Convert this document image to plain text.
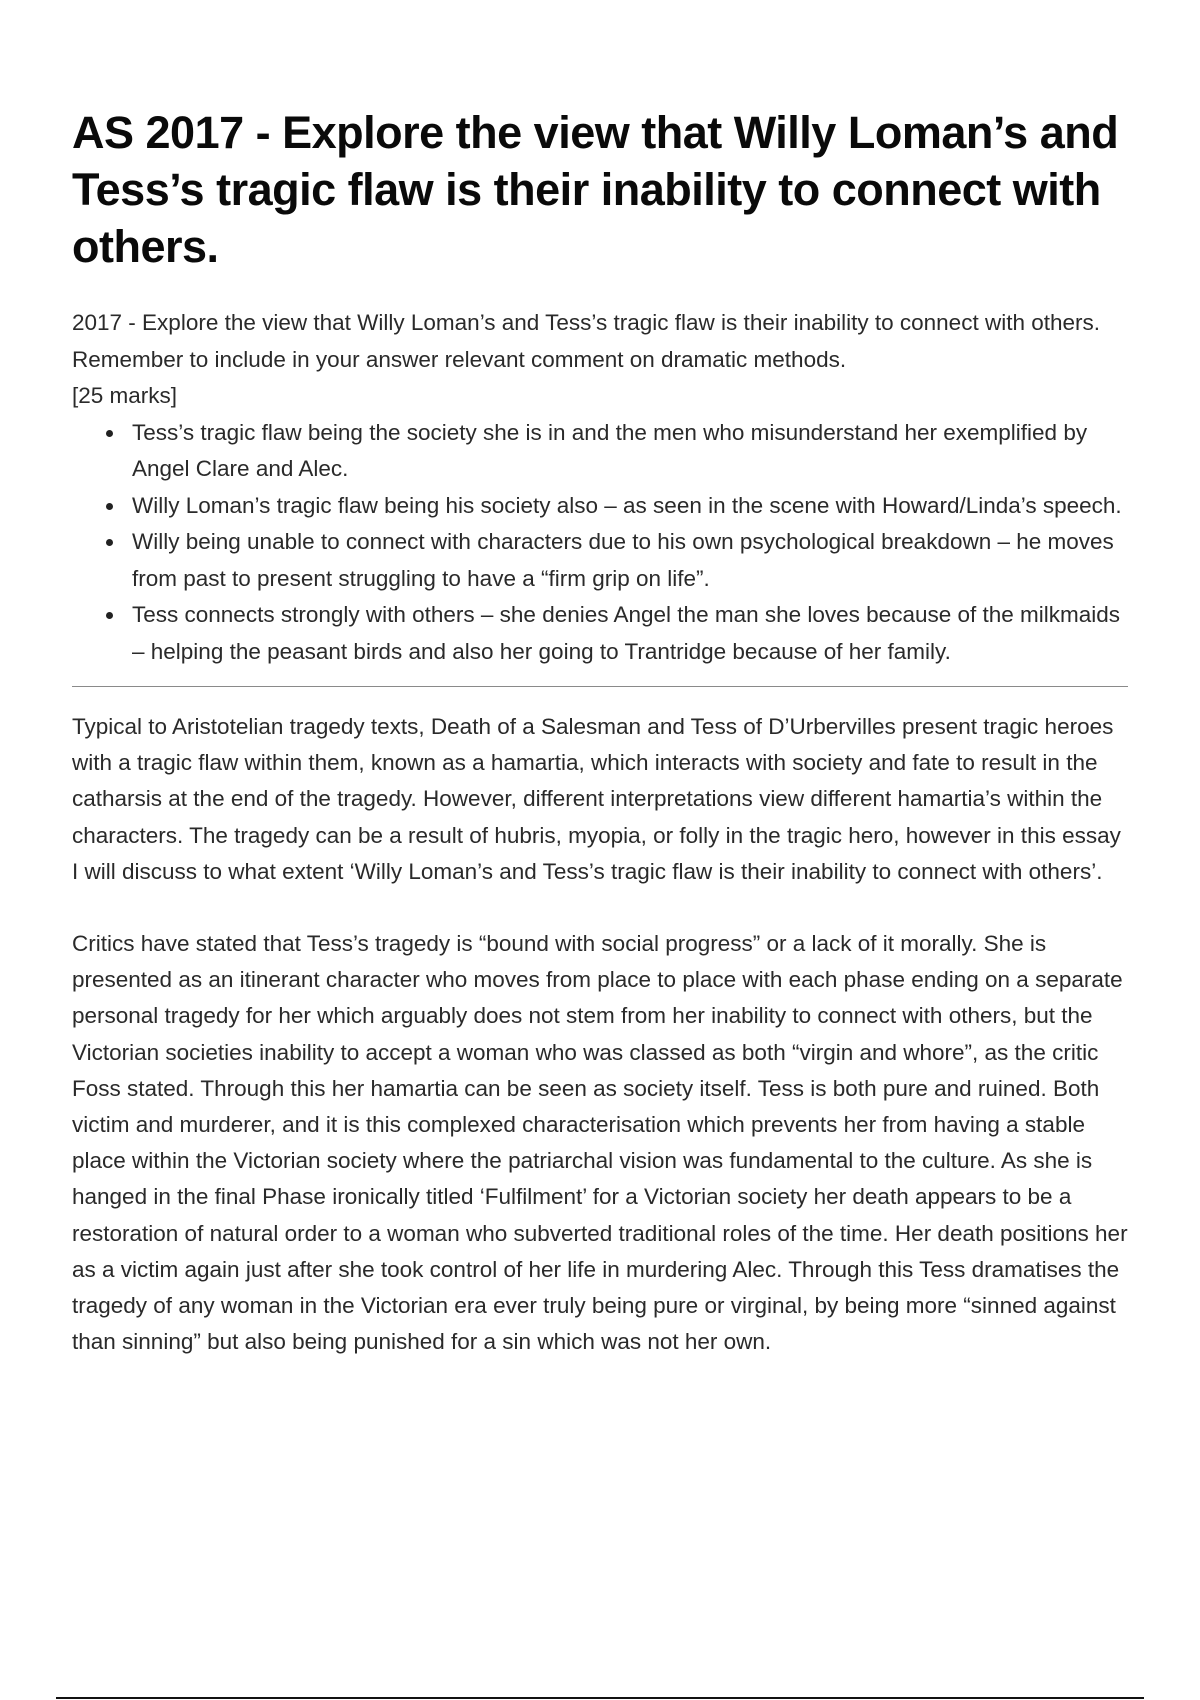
AS 2017 - Explore the view that Willy Loman’s and Tess’s tragic flaw is their inability to connect with others.

2017 - Explore the view that Willy Loman’s and Tess’s tragic flaw is their inability to connect with others. Remember to include in your answer relevant comment on dramatic methods.

[25 marks]

Tess’s tragic flaw being the society she is in and the men who misunderstand her exemplified by Angel Clare and Alec.
Willy Loman’s tragic flaw being his society also – as seen in the scene with Howard/Linda’s speech.
Willy being unable to connect with characters due to his own psychological breakdown – he moves from past to present struggling to have a “firm grip on life”.
Tess connects strongly with others – she denies Angel the man she loves because of the milkmaids – helping the peasant birds and also her going to Trantridge because of her family.

Typical to Aristotelian tragedy texts, Death of a Salesman and Tess of D’Urbervilles present tragic heroes with a tragic flaw within them, known as a hamartia, which interacts with society and fate to result in the catharsis at the end of the tragedy. However, different interpretations view different hamartia’s within the characters. The tragedy can be a result of hubris, myopia, or folly in the tragic hero, however in this essay I will discuss to what extent ‘Willy Loman’s and Tess’s tragic flaw is their inability to connect with others’.

Critics have stated that Tess’s tragedy is “bound with social progress” or a lack of it morally. She is presented as an itinerant character who moves from place to place with each phase ending on a separate personal tragedy for her which arguably does not stem from her inability to connect with others, but the Victorian societies inability to accept a woman who was classed as both “virgin and whore”, as the critic Foss stated. Through this her hamartia can be seen as society itself. Tess is both pure and ruined. Both victim and murderer, and it is this complexed characterisation which prevents her from having a stable place within the Victorian society where the patriarchal vision was fundamental to the culture. As she is hanged in the final Phase ironically titled ‘Fulfilment’ for a Victorian society her death appears to be a restoration of natural order to a woman who subverted traditional roles of the time. Her death positions her as a victim again just after she took control of her life in murdering Alec. Through this Tess dramatises the tragedy of any woman in the Victorian era ever truly being pure or virginal, by being more “sinned against than sinning” but also being punished for a sin which was not her own.
